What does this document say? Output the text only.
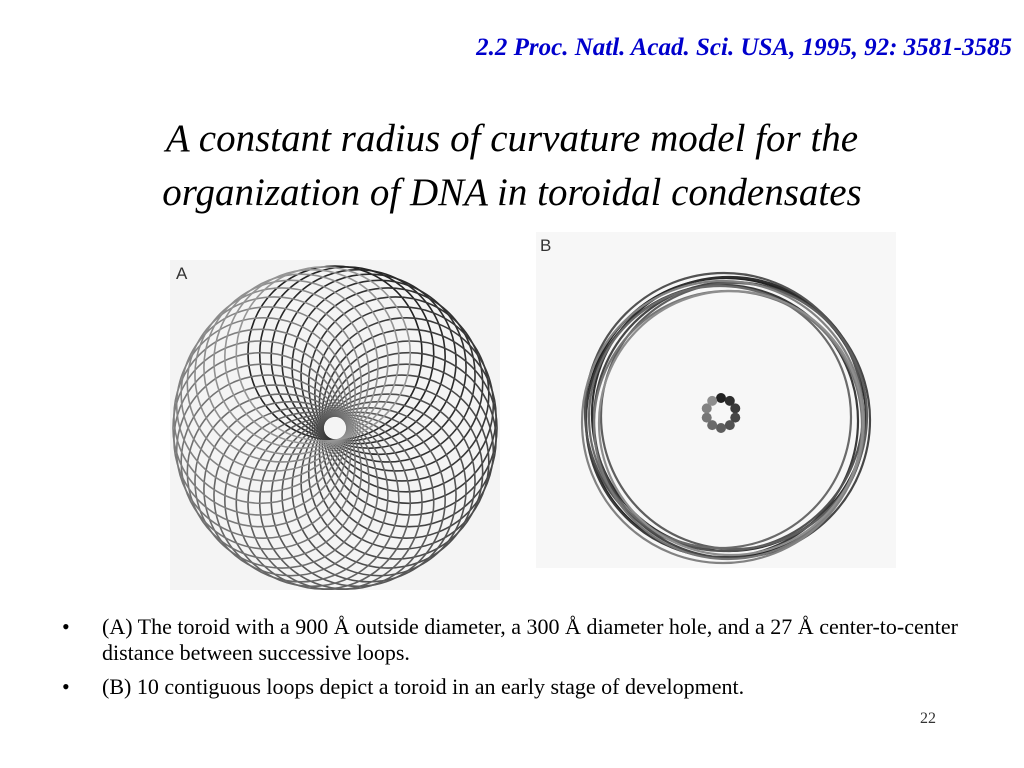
2.2 Proc. Natl. Acad. Sci. USA, 1995, 92: 3581-3585
A constant radius of curvature model for the
organization of DNA in toroidal condensates
A
B
• (A) The toroid with a 900 Å outside diameter, a 300 Å diameter hole, and a 27 Å center-to-center distance between successive loops.
• (B) 10 contiguous loops depict a toroid in an early stage of development.
22
